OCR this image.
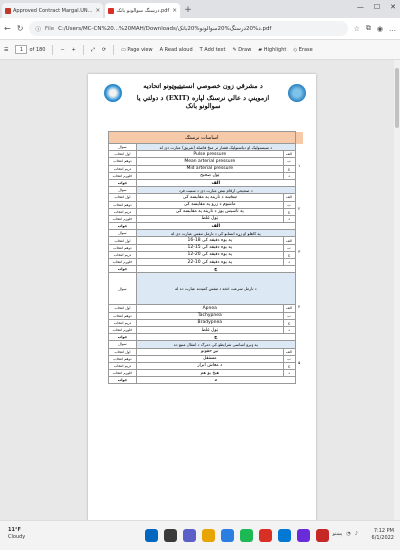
Approved Contract Margal.UN... ×	درسنگ سوالونو بانک.pdf × +	— ☐ ✕
← ↻ ⓘ File C:/Users/MC-CN%20...%20MAH/Downloads/د%20درسنگ%20سوالونو%20بانک.pdf	☆ ⧉ ◉ …
☰	1	of 180	− +	⤢ ⟳	▭
Page view A
Read aloud T
Add text ✎
Draw ▰
Highlight ◇
Erase
د مشرقي زون خصوصي انستيټيوټونو اتحاديه
د دولتي يا (EXIT) ازموينې د عالي نرسنګ لپاره سوالونو بانک
اساسات نرسنګ			
سوال	د سیستولیک او دیاستولیک فشار تر منځ فاصله (تفریق) عبارت دی له		۱
اول انتخاب	Pulse pressure	الف	
دوهم انتخاب	Mean arterial pressure	ب	
دريم انتخاب	Mid arterial pressure	ج	
څلورم انتخاب	ټول صحیح	د	
جواب	الف		
سوال	د صحیحی ارقام نبض عبارت دی د ستیت فرد		۲
اول انتخاب	ښځینه د نارینه په مقایسه کی	الف	
دوهم انتخاب	ماشوم د زرو په مقایسه کی	ب	
دريم انتخاب	په تاسیس پوز د نارینه په مقایسه کی	ج	
څلورم انتخاب	ټول غلط	د	
جواب	الف		
سوال	په کاهلو او زړه انسانو کی د نارمل تنفس عبارت دی له		۳
اول انتخاب	16-18 په یوه دقیقه کی	الف	
دوهم انتخاب	12-15 په یوه دقیقه کی	ب	
دريم انتخاب	12-20 په یوه دقیقه کی	ج	
څلورم انتخاب	22-10 په یوه دقیقه کی	د	
جواب	ج		
سوال	د نارمل سرعت څخه د تنفس کمیدنه عبارت ده له		۴
اول انتخاب	Apnea	الف	
دوهم انتخاب	Tachypnea	ب	
دريم انتخاب	Bradypnea	ج	
څلورم انتخاب	ټول غلط	د	
جواب	ج		
سوال	په ډیرو اساسی شرایطو کی دمرګ د انتقال منبع ده		۵
اول انتخاب	نیږ حقونو	الف	
دوهم انتخاب	مستقل	ب	
دريم انتخاب	د معاش ابزار	ج	
څلورم انتخاب	هیڅ یو هم	د	
جواب	د		
11°F
Cloudy	پښتو ◔ ♪	7:12 PM
6/1/2022
